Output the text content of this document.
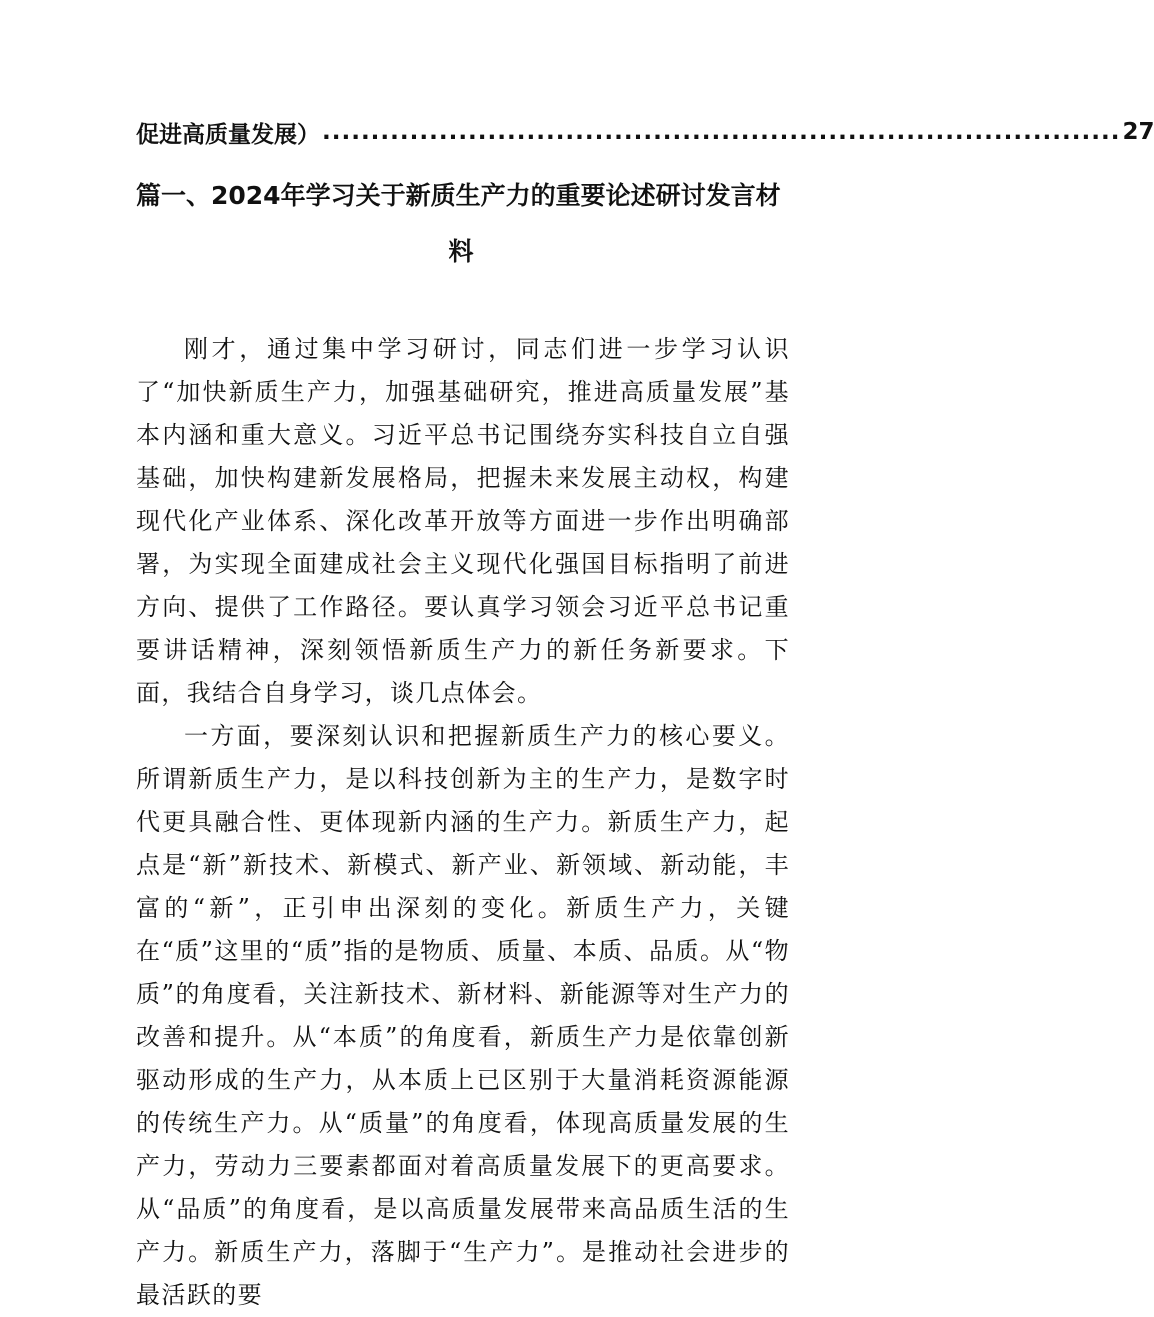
促进高质量发展） .................................................................................. 27
篇一、2024年学习关于新质生产力的重要论述研讨发言材
料

刚才，通过集中学习研讨，同志们进一步学习认识了“加快新质生产力，加强基础研究，推进高质量发展”基本内涵和重大意义。习近平总书记围绕夯实科技自立自强基础，加快构建新发展格局，把握未来发展主动权，构建现代化产业体系、深化改革开放等方面进一步作出明确部署，为实现全面建成社会主义现代化强国目标指明了前进方向、提供了工作路径。要认真学习领会习近平总书记重要讲话精神，深刻领悟新质生产力的新任务新要求。下面，我结合自身学习，谈几点体会。

一方面，要深刻认识和把握新质生产力的核心要义。所谓新质生产力，是以科技创新为主的生产力，是数字时代更具融合性、更体现新内涵的生产力。新质生产力，起点是“新”新技术、新模式、新产业、新领域、新动能，丰富的“新”，正引申出深刻的变化。新质生产力，关键在“质”这里的“质”指的是物质、质量、本质、品质。从“物质”的角度看，关注新技术、新材料、新能源等对生产力的改善和提升。从“本质”的角度看，新质生产力是依靠创新驱动形成的生产力，从本质上已区别于大量消耗资源能源的传统生产力。从“质量”的角度看，体现高质量发展的生产力，劳动力三要素都面对着高质量发展下的更高要求。从“品质”的角度看，是以高质量发展带来高品质生活的生产力。新质生产力，落脚于“生产力”。是推动社会进步的最活跃的要
